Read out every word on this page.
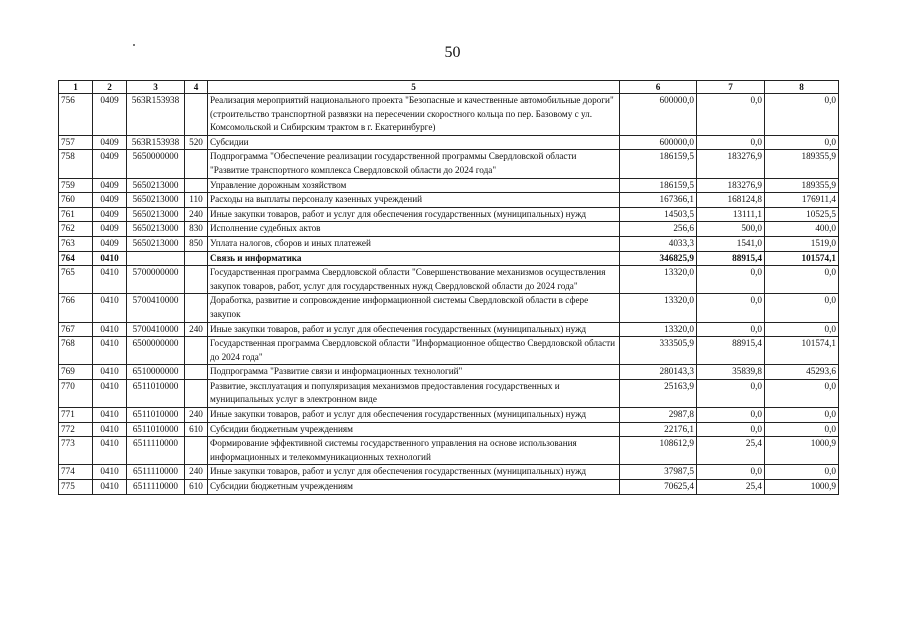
50
1	2	3	4	5	6	7	8
756	0409	563R153938		Реализация мероприятий национального проекта "Безопасные и качественные автомобильные дороги" (строительство транспортной развязки на пересечении скоростного кольца по пер. Базовому с ул. Комсомольской и Сибирским трактом в г. Екатеринбурге)	600000,0	0,0	0,0
757	0409	563R153938	520	Субсидии	600000,0	0,0	0,0
758	0409	5650000000		Подпрограмма "Обеспечение реализации государственной программы Свердловской области "Развитие транспортного комплекса Свердловской области до 2024 года"	186159,5	183276,9	189355,9
759	0409	5650213000		Управление дорожным хозяйством	186159,5	183276,9	189355,9
760	0409	5650213000	110	Расходы на выплаты персоналу казенных учреждений	167366,1	168124,8	176911,4
761	0409	5650213000	240	Иные закупки товаров, работ и услуг для обеспечения государственных (муниципальных) нужд	14503,5	13111,1	10525,5
762	0409	5650213000	830	Исполнение судебных актов	256,6	500,0	400,0
763	0409	5650213000	850	Уплата налогов, сборов и иных платежей	4033,3	1541,0	1519,0
764	0410			Связь и информатика	346825,9	88915,4	101574,1
765	0410	5700000000		Государственная программа Свердловской области "Совершенствование механизмов осуществления закупок товаров, работ, услуг для государственных нужд Свердловской области до 2024 года"	13320,0	0,0	0,0
766	0410	5700410000		Доработка, развитие и сопровождение информационной системы Свердловской области в сфере закупок	13320,0	0,0	0,0
767	0410	5700410000	240	Иные закупки товаров, работ и услуг для обеспечения государственных (муниципальных) нужд	13320,0	0,0	0,0
768	0410	6500000000		Государственная программа Свердловской области "Информационное общество Свердловской области до 2024 года"	333505,9	88915,4	101574,1
769	0410	6510000000		Подпрограмма "Развитие связи и информационных технологий"	280143,3	35839,8	45293,6
770	0410	6511010000		Развитие, эксплуатация и популяризация механизмов предоставления государственных и муниципальных услуг в электронном виде	25163,9	0,0	0,0
771	0410	6511010000	240	Иные закупки товаров, работ и услуг для обеспечения государственных (муниципальных) нужд	2987,8	0,0	0,0
772	0410	6511010000	610	Субсидии бюджетным учреждениям	22176,1	0,0	0,0
773	0410	6511110000		Формирование эффективной системы государственного управления на основе использования информационных и телекоммуникационных технологий	108612,9	25,4	1000,9
774	0410	6511110000	240	Иные закупки товаров, работ и услуг для обеспечения государственных (муниципальных) нужд	37987,5	0,0	0,0
775	0410	6511110000	610	Субсидии бюджетным учреждениям	70625,4	25,4	1000,9
